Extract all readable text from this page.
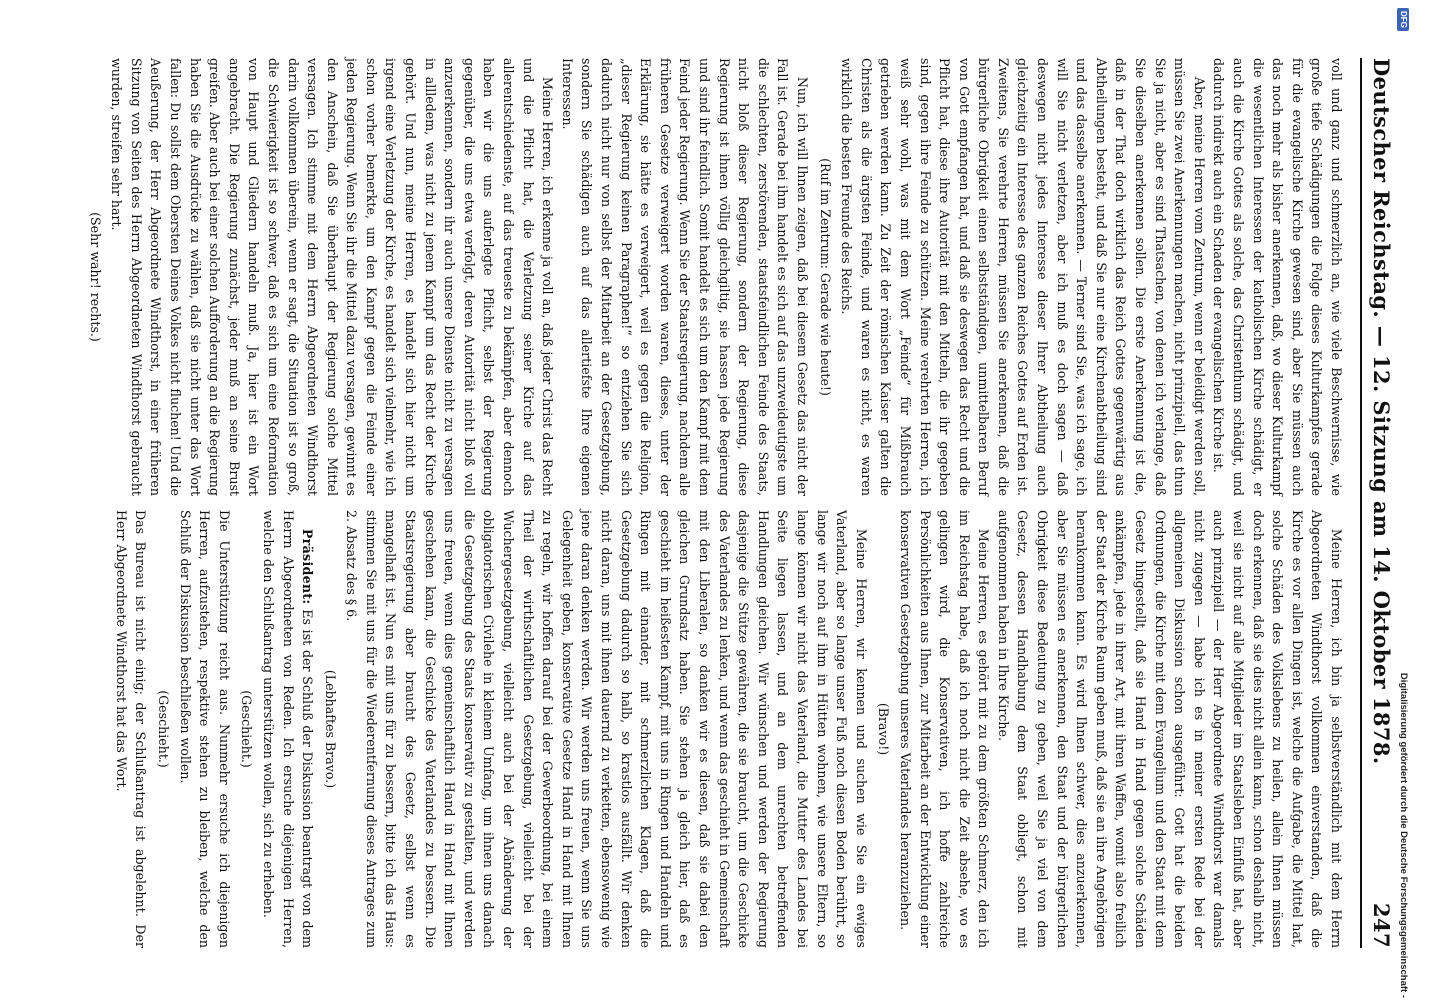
Deutscher Reichstag. — 12. Sitzung am 14. Oktober 1878.
247

voll und ganz und schmerzlich an, wie viele Beschwernisse, wie große tiefe Schädigungen die Folge dieses Kulturkampfes gerade für die evangelische Kirche gewesen sind, aber Sie müssen auch das noch mehr als bisher anerkennen, daß, wo dieser Kulturkampf die wesentlichen Interessen der katholischen Kirche schädigt, er auch die Kirche Gottes als solche, das Christenthum schädigt, und dadurch indirekt auch ein Schaden der evangelischen Kirche ist.

Aber, meine Herren vom Zentrum, wenn er beleidigt werden soll, müssen Sie zwei Anerkennungen machen, nicht prinzipiell, das thun Sie ja nicht, aber es sind Thatsachen, von denen ich verlange, daß Sie dieselben anerkennen sollen. Die erste Anerkennung ist die, daß in der That doch wirklich das Reich Gottes gegenwärtig aus Abtheilungen besteht, und daß Sie nur eine Kirchenabtheilung sind und das dasselbe anerkennen. — Terner sind Sie, was ich sage, ich will Sie nicht verletzen, aber ich muß es doch sagen — daß deswegen nicht jedes Interesse dieser Ihrer Abtheilung auch gleichzeitig ein Interesse des ganzen Reiches Gottes auf Erden ist. Zweitens, Sie verehrte Herren, müssen Sie anerkennen, daß die bürgerliche Obrigkeit einen selbstständigen, unmittelbaren Beruf von Gott empfangen hat, und daß sie deswegen das Recht und die Pflicht hat, diese ihre Autorität mit den Mitteln, die ihr gegeben sind, gegen ihre Feinde zu schützen. Meine verehrten Herren, ich weiß sehr wohl, was mit dem Wort „Feinde“ für Mißbrauch getrieben werden kann. Zu Zeit der römischen Kaiser galten die Christen als die ärgsten Feinde, und waren es nicht, es waren wirklich die besten Freunde des Reichs.

(Ruf im Zentrum: Gerade wie heute!)

Nun, ich will Ihnen zeigen, daß bei diesem Gesetz das nicht der Fall ist. Gerade bei ihm handelt es sich auf das unzweideutigste um die schlechten, zerstörenden, staatsfeindlichen Feinde des Staats, nicht bloß dieser Regierung, sondern der Regierung, diese Regierung ist ihnen völlig gleichgiltig, sie hassen jede Regierung und sind ihr feindlich. Somit handelt es sich um den Kampf mit dem Feind jeder Regierung. Wenn Sie der Staatsregierung, nachdem alle früheren Gesetze verweigert worden waren, dieses, unter der Erklärung, sie hätte es verweigert, weil es gegen die Religion, „dieser Regierung keinen Paragraphen!“ so entziehen Sie sich dadurch nicht nur von selbst der Mitarbeit an der Gesetzgebung, sondern Sie schädigen auch auf das allertiefste Ihre eigenen Interessen.

Meine Herren, ich erkenne ja voll an, daß jeder Christ das Recht und die Pflicht hat, die Verletzung seiner Kirche auf das allerentschiedenste, auf das treueste zu bekämpfen, aber dennoch haben wir die uns auferlegte Pflicht, selbst der Regierung gegenüber, die uns etwa verfolgt, deren Autorität nicht bloß voll anzuerkennen, sondern ihr auch unsere Dienste nicht zu versagen in allledem, was nicht zu jenem Kampf um das Recht der Kirche gehört. Und nun, meine Herren, es handelt sich hier nicht um irgend eine Verletzung der Kirche, es handelt sich vielmehr, wie ich schon vorher bemerkte, um den Kampf gegen die Feinde einer jeden Regierung. Wenn Sie ihr die Mittel dazu versagen, gewinnt es den Anschein, daß Sie überhaupt der Regierung solche Mittel versagen. Ich stimme mit dem Herrn Abgeordneten Windthorst darin vollkommen überein, wenn er sagt, die Situation ist so groß, die Schwierigkeit ist so schwer, daß es sich um eine Reformation von Haupt und Gliedern handeln muß. Ja, hier ist ein Wort angebracht. Die Regierung zunächst, jeder muß an seine Brust greifen. Aber auch bei einer solchen Aufforderung an die Regierung haben Sie die Ausdrücke zu wählen, daß sie nicht unter das Wort fallen: Du sollst dem Obersten Deines Volkes nicht fluchen! Und die Aeußerung, der Herr Abgeordnete Windthorst, in einer früheren Sitzung von Seiten des Herrn Abgeordneten Windthorst gebraucht wurden, streifen sehr hart.

(Sehr wahr! rechts.)

Meine Herren, ich bin ja selbstverständlich mit dem Herrn Abgeordneten Windthorst vollkommen einverstanden, daß die Kirche es vor allen Dingen ist, welche die Aufgabe, die Mittel hat, solche Schäden des Volkslebens zu heilen, allein Ihnen müssen doch erkennen, daß sie dies nicht allein kann, schon deshalb nicht, weil sie nicht auf alle Mitglieder im Staatsleben Einfluß hat, aber auch prinzipiell — der Herr Abgeordnete Windthorst war damals nicht zugegen — habe ich es in meiner ersten Rede bei der allgemeinen Diskussion schon ausgeführt: Gott hat die beiden Ordnungen, die Kirche mit dem Evangelium und den Staat mit dem Gesetz hingestellt, daß sie Hand in Hand gegen solche Schäden ankämpfen, jede in ihrer Art, mit ihren Waffen, womit also freilich der Staat der Kirche Raum geben muß, daß sie an ihre Angehörigen herankommen kann. Es wird Ihnen schwer, dies anzuerkennen, aber Sie müssen es anerkennen, den Staat und der bürgerlichen Obrigkeit diese Bedeutung zu geben, weil Sie ja viel von dem Gesetz, dessen Handhabung dem Staat obliegt, schon mit aufgenommen haben in Ihre Kirche.

Meine Herren, es gehört mit zu dem größten Schmerz, den ich im Reichstag habe, daß ich noch nicht die Zeit absehe, wo es gelingen wird, die Konservativen, ich hoffe zahlreiche Persönlichkeiten aus Ihnen, zur Mitarbeit an der Entwicklung einer konservativen Gesetzgebung unseres Vaterlandes heranzuziehen.

(Bravo!)

Meine Herren, wir kennen und suchen wie Sie ein ewiges Vaterland, aber so lange unser Fuß noch diesen Boden berührt, so lange wir noch auf ihm in Hütten wohnen, wie unsere Eltern, so lange können wir nicht das Vaterland, die Mutter des Landes bei Seite liegen lassen, und an dem unrechten betreffenden Handlungen gleichen. Wir wünschen und werden der Regierung dasjenige die Stütze gewähren, die sie braucht, um die Geschicke des Vaterlandes zu lenken, und wenn das geschieht in Gemeinschaft mit den Liberalen, so danken wir es diesen, daß sie dabei den gleichen Grundsatz haben. Sie stehen ja gleich hier, daß es geschieht im heißesten Kampf, mit uns in Ringen und Handeln und Ringen mit einander, mit schmerzlichen Klagen, daß die Gesetzgebung dadurch so halb, so krastlos ausfällt. Wir denken nicht daran, uns mit ihnen dauernd zu verketten, ebensowenig wie jene daran denken werden. Wir werden uns freuen, wenn Sie uns Gelegenheit geben, konservative Gesetze Hand in Hand mit Ihnen zu regeln, wir hoffen darauf bei der Gewerbeordnung, bei einem Theil der wirthschaftlichen Gesetzgebung, vielleicht bei der Wuchergesetzgebung, vielleicht auch bei der Abänderung der obligatorischen Civilehe in kleinem Umfang, um ihnen uns danach die Gesetzgebung des Staats konservativ zu gestalten, und werden uns freuen, wenn dies gemeinschaftlich Hand in Hand mit Ihnen geschehen kann, die Geschicke des Vaterlandes zu bessern. Die Staatsregierung aber braucht des Gesetz, selbst wenn es mangelhaft ist. Nun es mit uns für zu bessern, bitte ich das Haus: stimmen Sie mit uns für die Wiederentfernung dieses Antrages zum 2. Absatz des § 6.

(Lebhaftes Bravo.)

Präsident: Es ist der Schluß der Diskussion beantragt von dem Herrn Abgeordneten von Reden. Ich ersuche diejenigen Herren, welche den Schlußantrag unterstützen wollen, sich zu erheben.

(Geschieht.)

Die Unterstützung reicht aus. Nunmehr ersuche ich diejenigen Herren, aufzustehen, respektive stehen zu bleiben, welche den Schluß der Diskussion beschließen wollen.

(Geschieht.)

Das Bureau ist nicht einig; der Schlußantrag ist abgelehnt. Der Herr Abgeordnete Windthorst hat das Wort.

DFG
Digitalisierung gefördert durch die Deutsche Forschungsgemeinschaft -
